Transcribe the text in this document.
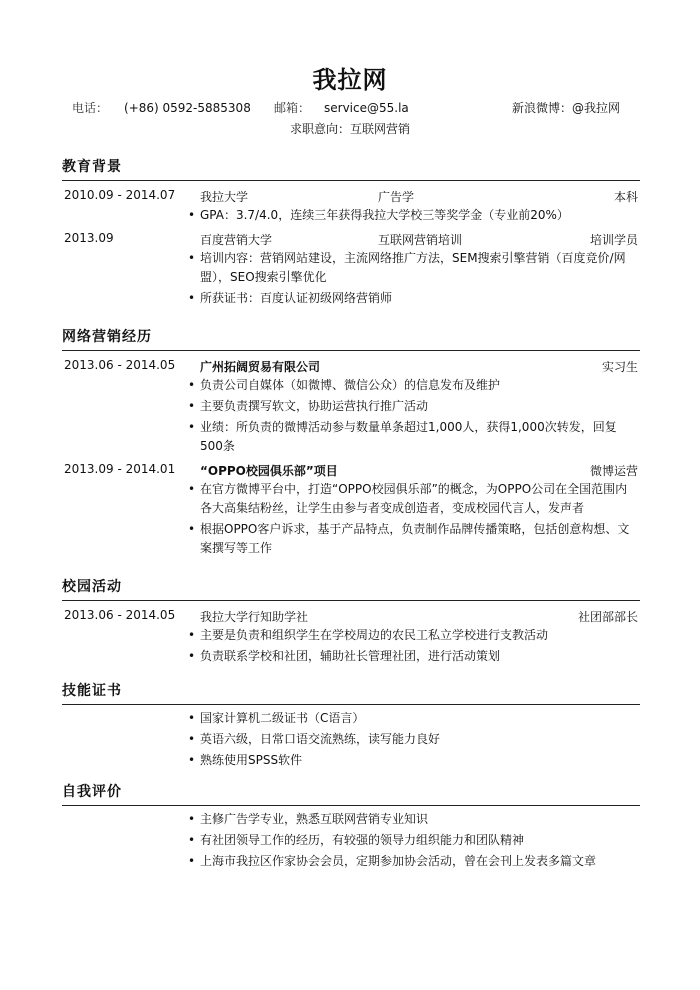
我拉网
电话： (+86) 0592-5885308 邮箱： service@55.la	新浪微博：@我拉网
求职意向：互联网营销
教育背景
2010.09 - 2014.07 我拉大学	广告学	本科
• GPA：3.7/4.0，连续三年获得我拉大学校三等奖学金（专业前20%）
2013.09	百度营销大学	互联网营销培训	培训学员
• 培训内容：营销网站建设，主流网络推广方法，SEM搜索引擎营销（百度竞价/网盟），SEO搜索引擎优化
• 所获证书：百度认证初级网络营销师
网络营销经历
2013.06 - 2014.05 广州拓阔贸易有限公司	实习生
• 负责公司自媒体（如微博、微信公众）的信息发布及维护
• 主要负责撰写软文，协助运营执行推广活动
• 业绩：所负责的微博活动参与数量单条超过1,000人，获得1,000次转发，回复500条
2013.09 - 2014.01 “OPPO校园俱乐部”项目	微博运营
• 在官方微博平台中，打造“OPPO校园俱乐部”的概念，为OPPO公司在全国范围内各大高集结粉丝，让学生由参与者变成创造者，变成校园代言人，发声者
• 根据OPPO客户诉求，基于产品特点，负责制作品牌传播策略，包括创意构想、文案撰写等工作
校园活动
2013.06 - 2014.05 我拉大学行知助学社	社团部部长
• 主要是负责和组织学生在学校周边的农民工私立学校进行支教活动
• 负责联系学校和社团，辅助社长管理社团，进行活动策划
技能证书
• 国家计算机二级证书（C语言）
• 英语六级，日常口语交流熟练，读写能力良好
• 熟练使用SPSS软件
自我评价
• 主修广告学专业，熟悉互联网营销专业知识
• 有社团领导工作的经历，有较强的领导力组织能力和团队精神
• 上海市我拉区作家协会会员，定期参加协会活动，曾在会刊上发表多篇文章
